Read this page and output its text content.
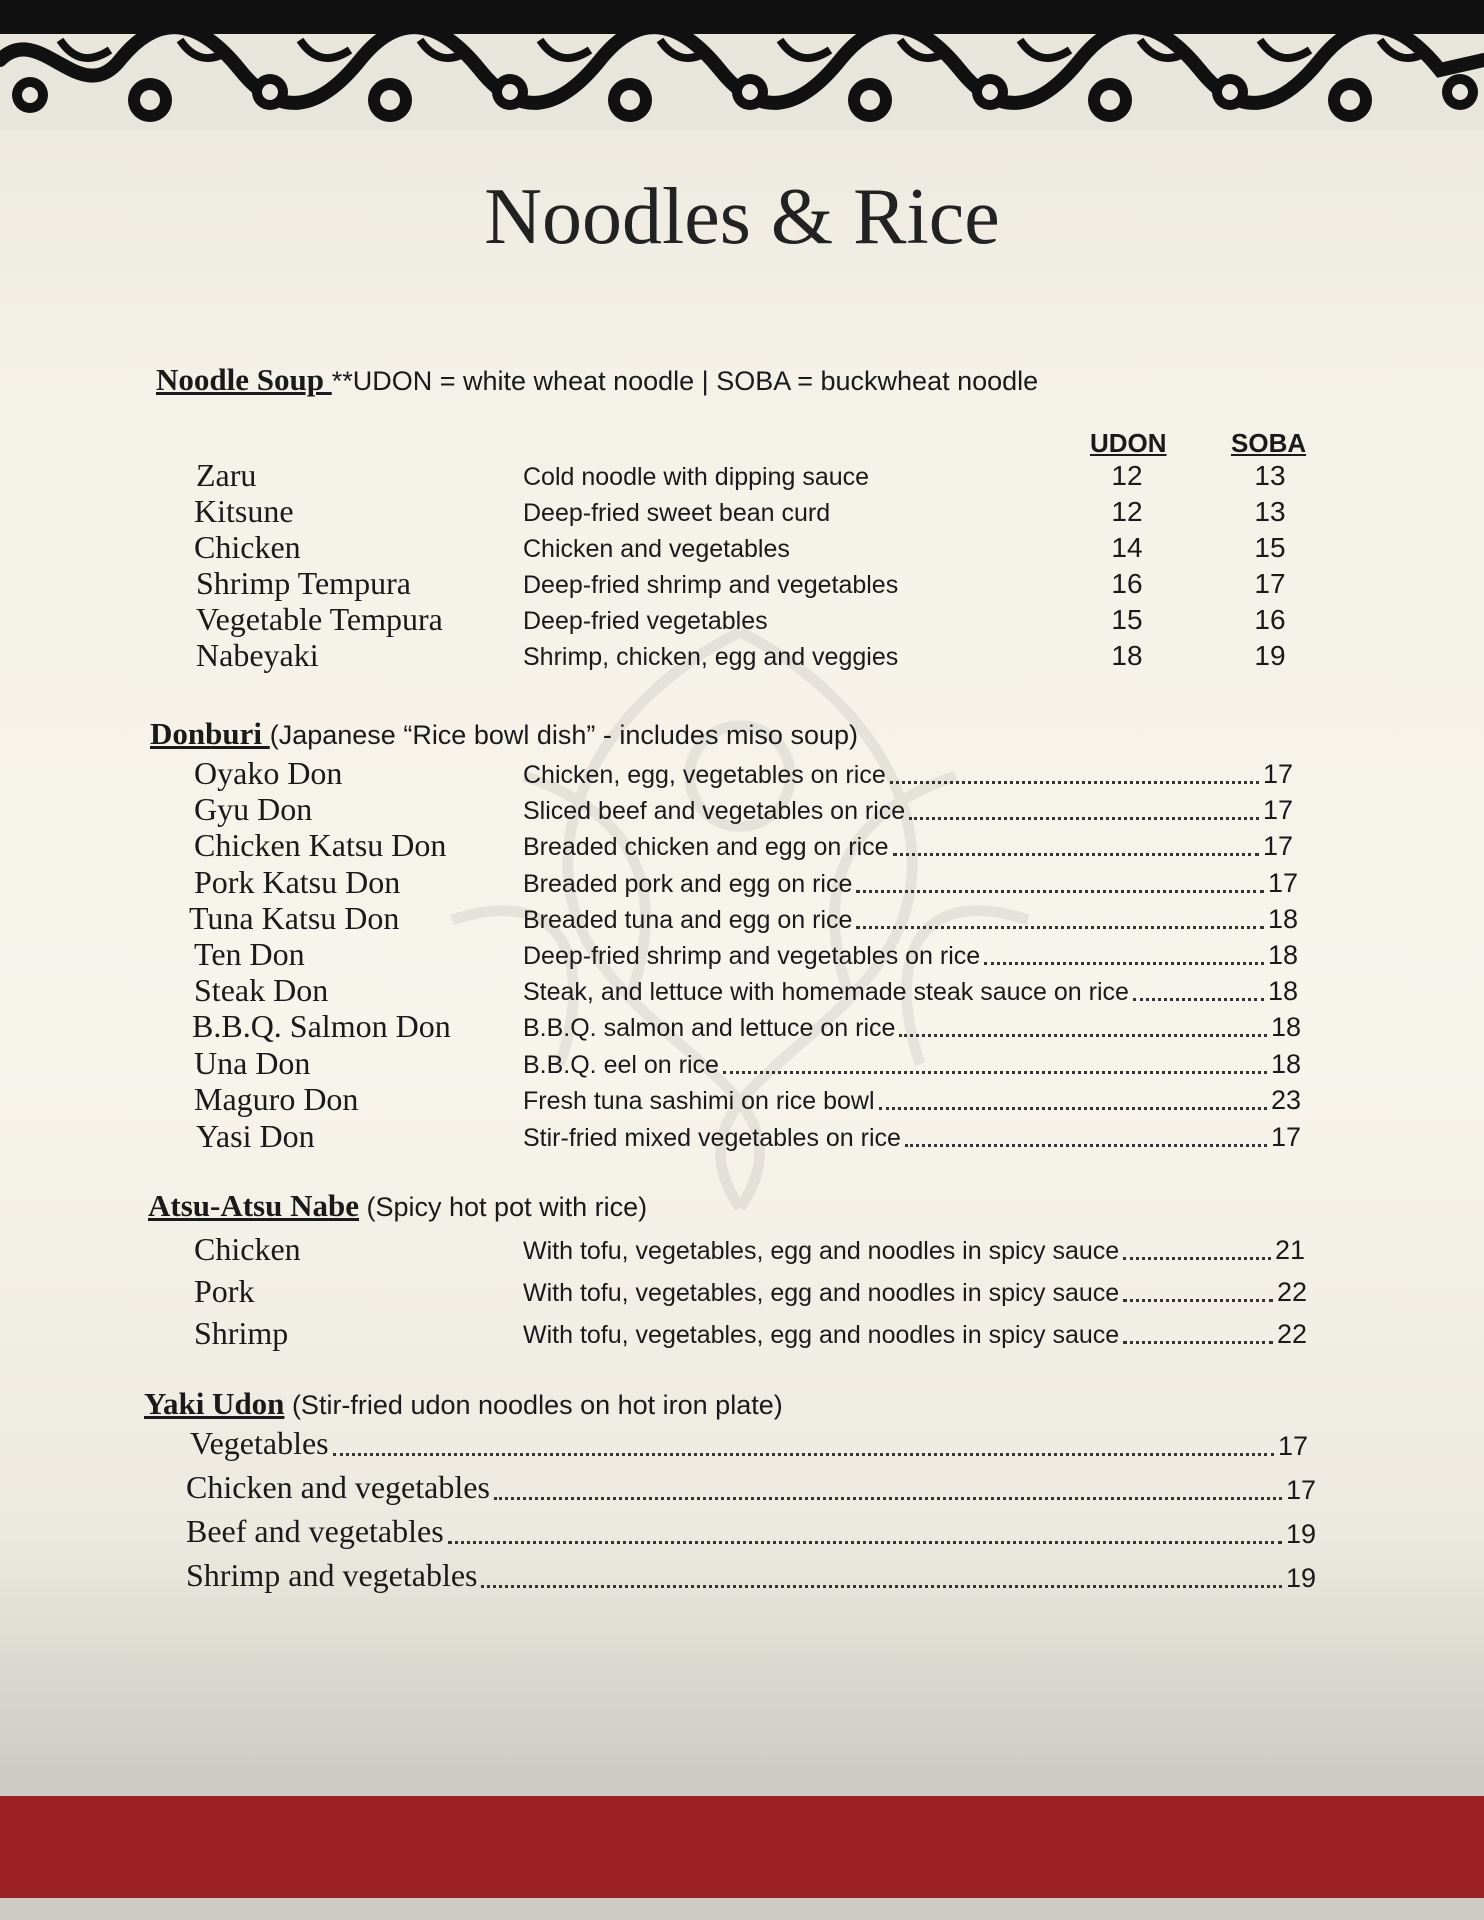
Noodles & Rice
Noodle Soup **UDON = white wheat noodle | SOBA = buckwheat noodle
UDON SOBA
Zaru	Cold noodle with dipping sauce	12	13
Kitsune	Deep-fried sweet bean curd	12	13
Chicken	Chicken and vegetables	14	15
Shrimp Tempura	Deep-fried shrimp and vegetables	16	17
Vegetable Tempura	Deep-fried vegetables	15	16
Nabeyaki	Shrimp, chicken, egg and veggies	18	19
Donburi (Japanese “Rice bowl dish” - includes miso soup)
Oyako Don	Chicken, egg, vegetables on rice	17
Gyu Don	Sliced beef and vegetables on rice	17
Chicken Katsu Don	Breaded chicken and egg on rice	17
Pork Katsu Don	Breaded pork and egg on rice	17
Tuna Katsu Don	Breaded tuna and egg on rice	18
Ten Don	Deep-fried shrimp and vegetables on rice	18
Steak Don	Steak, and lettuce with homemade steak sauce on rice	18
B.B.Q. Salmon Don	B.B.Q. salmon and lettuce on rice	18
Una Don	B.B.Q. eel on rice	18
Maguro Don	Fresh tuna sashimi on rice bowl	23
Yasi Don	Stir-fried mixed vegetables on rice	17
Atsu-Atsu Nabe (Spicy hot pot with rice)
Chicken	With tofu, vegetables, egg and noodles in spicy sauce	21
Pork	With tofu, vegetables, egg and noodles in spicy sauce	22
Shrimp	With tofu, vegetables, egg and noodles in spicy sauce	22
Yaki Udon (Stir-fried udon noodles on hot iron plate)
Vegetables	17
Chicken and vegetables	17
Beef and vegetables	19
Shrimp and vegetables	19
